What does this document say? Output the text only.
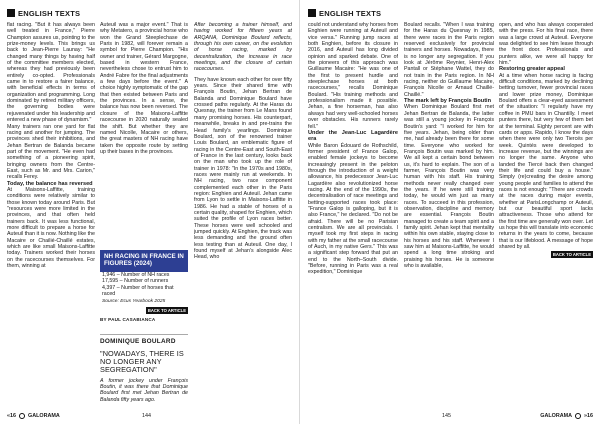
ENGLISH TEXTS

flat racing. "But it has always been well treated in France," Pierre Champion assures us, pointing to the prize-money levels. This brings us back to Jean-Pierre Launay: "He changed many things by having half of the committee members elected, whereas they had previously been entirely co-opted. Professionals came in to restore a fairer balance, with beneficial effects in terms of organization and programming. Long dominated by retired military officers, the governing bodies were rejuvenated under his leadership and entered a new phase of dynamism."

Many trainers ran one yard for flat racing and another for jumping. The provinces shed their inhibitions, and Jehan Bertran de Balanda became part of the movement. "He even had something of a pioneering spirit, bringing owners from the Centre-East, such as Mr. and Mrs. Carion," recalls Ferey.

Today, the balance has reversed

At Maisons-Laffitte, training conditions were relatively similar to those known today around Paris. But "resources were more limited in the provinces, and that often held trainers back. It was less functional, more difficult to prepare a horse for Auteuil than it is now. Nothing like the Macaire or Chailié-Chaillé estates, which are like small Maisons-Laffitte today. Trainers worked their horses on the racecourses themselves. For them, winning at

Auteuil was a major event." That is why Metatero, a provincial horse who won the Grand Steeplechase de Paris in 1982, will forever remain a symbol for Pierre Champion. "His owner and trainer, Gérard Margogne, based in western France, nevertheless chose to entrust him to André Fabre for the final adjustments a few days before the event." A choice highly symptomatic of the gap that then existed between Paris and the provinces. In a sense, the balance has now been reversed. The closure of the Maisons-Laffitte racecourse in 2020 naturally sealed the shift. But whether they are named Nicolle, Macaire or others, the great masters of NH racing have taken the opposite route by setting up their bases in the provinces.

NH RACING IN FRANCE IN FIGURES (2024)
1,946 – Number of NH races
17,595 – Number of runners
4,397 – Number of horses that raced
Source: Ecus Yearbook 2025
BACK TO ARTICLE
BY PAUL CASABIANCA
DOMINIQUE BOULARD
"NOWADAYS, THERE IS NO LONGER ANY SEGREGATION"
A former jockey under François Boutin, it was there that Dominique Boulard first met Jehan Bertran de Balanda fifty years ago.

After becoming a trainer himself, and having worked for fifteen years at ARQANA, Dominique Boulard reflects, through his own career, on the evolution of horse racing, marked by decentralization, the increase in race meetings, and the closure of certain racecourses.

They have known each other for over fifty years. Since their shared time with François Boutin, Jehan Bertran de Balanda and Dominique Boulard have crossed paths regularly. At the Haras du Quesnay, the trainer from Le Mans found many promising horses. His counterpart, meanwhile, breaks in and pre-trains the Head family's yearlings. Dominique Boulard, son of the renowned trainer Louis Boulard, an emblematic figure of racing in the Centre-East and South-East of France in the last century, looks back on the man who took up the role of trainer in 1978: "In the 1970s and 1980s, races were mainly run at weekends. In NH racing, two race component complemented each other in the Paris region: Enghien and Auteuil. Jehan came from Lyon to settle in Maisons-Laffitte in 1986. He had a stable of horses of a certain quality, shaped for Enghien, which suited the profile of Lyon races better. These horses were well schooled and jumped quickly. At Enghien, the track was less demanding and the ground often less testing than at Auteuil. One day, I found myself at Jehan's alongside Alec Head, who

«16 GALORAMA	144
ENGLISH TEXTS

could not understand why horses from Enghien were running at Auteuil and vice versa." Running jump races at both Enghien, before its closure in 2016, and Auteuil has long divided opinion and sparked debate. One of the pioneers of this approach was Guillaume Macaire: "He was one of the first to present hurdle and steeplechase horses at both racecourses," recalls Dominique Boulard. "His training methods and professionalism made it possible. Jehan, a fine horseman, has also always had very well-schooled horses over obstacles. His runners rarely fell."

Under the Jean-Luc Lagardère era

While Baron Édouard de Rothschild, former president of France Galop, enabled female jockeys to become increasingly present in the peloton through the introduction of a weight allowance, his predecessor Jean-Luc Lagardère also revolutionized horse racing. At the end of the 1990s, the decentralisation of race meetings and betting-supported races took place: "France Galop is galloping, but it is also France," he declared. "Do not be afraid. There will be no Parisian centralism. We are all provincials. I myself took my first steps in racing with my father at the small racecourse of Auch, in my native Gers." This was a significant step forward that put an end to the North–South divide. "Before, running in Paris was a real expedition," Dominique

Boulard recalls. "When I was training for the Haras du Quesnay in 1985, there were races in the Paris region reserved exclusively for provincial trainers and horses. Nowadays, there is no longer any segregation. If you look at Jérôme Reynier, Henri-Alex Pantall or Stéphane Wattel, they do not train in the Paris region. In NH racing, neither do Guillaume Macaire, François Nicolle or Arnaud Chaillé-Chaillé."

The mark left by François Boutin

When Dominique Boulard first met Jehan Bertran de Balanda, the latter was still a young jockey in François Boutin's yard: "I worked for him for five years. Jehan, being older than me, had already been there for some time. Everyone who worked for François Boutin was marked by him. We all kept a certain bond between us, it's hard to explain. The son of a farmer, François Boutin was very human with his staff. His training methods never really changed over the years. If he were still training today, he would win just as many races. To succeed in this profession, observation, discipline and memory are essential. François Boutin managed to create a team spirit and a family spirit. Jehan kept that mentality within his own stable, staying close to his horses and his staff. Whenever I saw him at Maisons-Laffitte, he would spend a long time stroking and praising his horses. He is someone who is available,

open, and who has always cooperated with the press. For his final race, there was a large crowd at Auteuil. Everyone was delighted to see him leave through the front door. Professionals and punters alike, we were all happy for him."

Restoring greater appeal

At a time when horse racing is facing difficult conditions, marked by declining betting turnover, fewer provincial races and lower prize money, Dominique Boulard offers a clear-eyed assessment of the situation: "I regularly have my coffee in PMU bars in Chantilly. I meet punters there, but very few of them bet at the terminal. Eighty percent are with cards or apps. Rapido, I know the days when there were only two Tiercés per week. Quintés were developed to increase revenue, but the winnings are no longer the same. Anyone who landed the Tiercé back then changed their life and could buy a house." Simply (re)creating the desire among young people and families to attend the races is not enough: "There are crowds at the races during major events, whether at ParisLongchamp or Auteuil, but our beautiful sport lacks attractiveness. Those who attend for the first time are generally won over. Let us hope this will translate into economic returns in the years to come, because that is our lifeblood. A message of hope shared by all.

BACK TO ARTICLE

145	GALORAMA »16
